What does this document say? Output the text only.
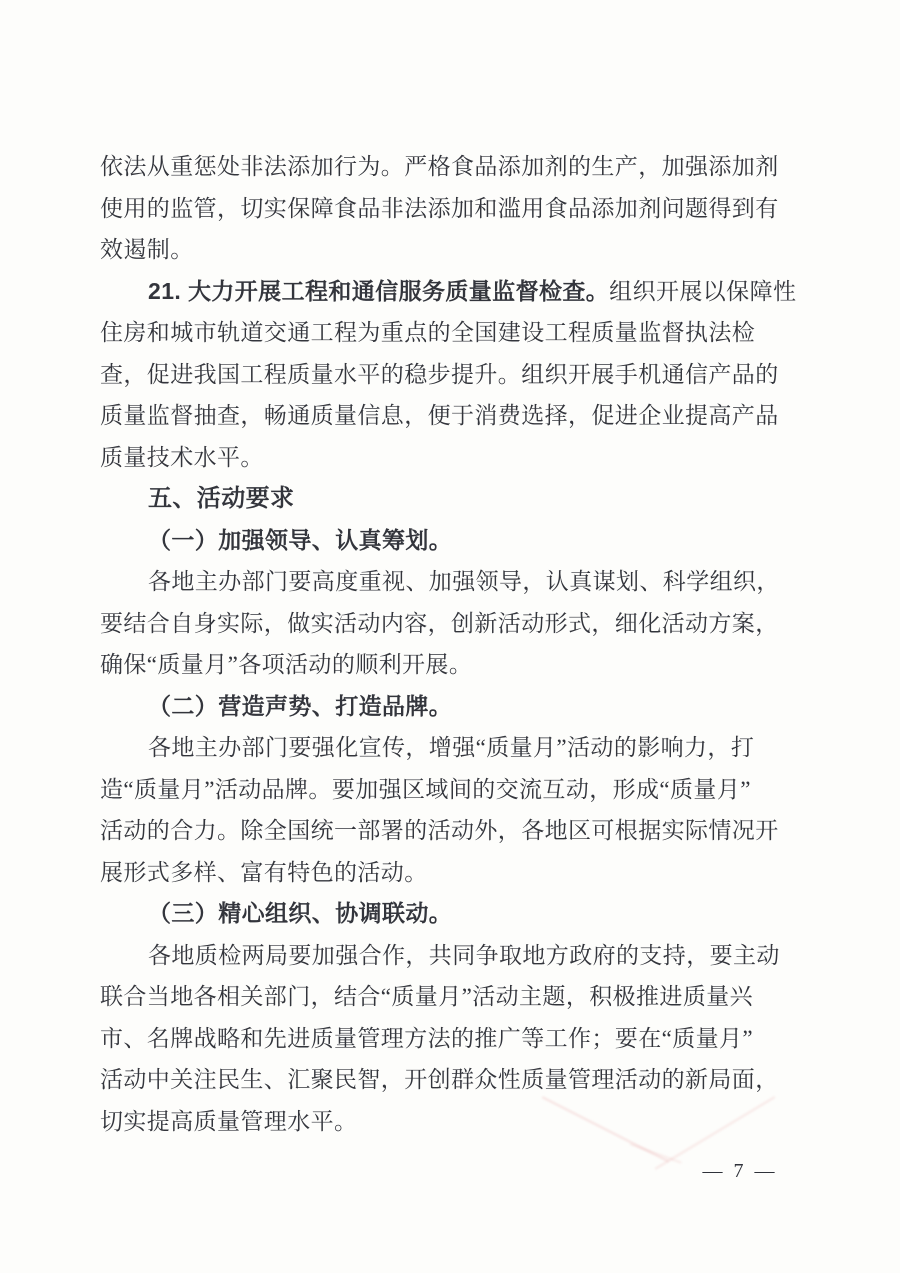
依法从重惩处非法添加行为。严格食品添加剂的生产，加强添加剂
使用的监管，切实保障食品非法添加和滥用食品添加剂问题得到有
效遏制。
21. 大力开展工程和通信服务质量监督检查。组织开展以保障性
住房和城市轨道交通工程为重点的全国建设工程质量监督执法检
查，促进我国工程质量水平的稳步提升。组织开展手机通信产品的
质量监督抽查，畅通质量信息，便于消费选择，促进企业提高产品
质量技术水平。
五、活动要求
（一）加强领导、认真筹划。
各地主办部门要高度重视、加强领导，认真谋划、科学组织，
要结合自身实际，做实活动内容，创新活动形式，细化活动方案，
确保“质量月”各项活动的顺利开展。
（二）营造声势、打造品牌。
各地主办部门要强化宣传，增强“质量月”活动的影响力，打
造“质量月”活动品牌。要加强区域间的交流互动，形成“质量月”
活动的合力。除全国统一部署的活动外，各地区可根据实际情况开
展形式多样、富有特色的活动。
（三）精心组织、协调联动。
各地质检两局要加强合作，共同争取地方政府的支持，要主动
联合当地各相关部门，结合“质量月”活动主题，积极推进质量兴
市、名牌战略和先进质量管理方法的推广等工作；要在“质量月”
活动中关注民生、汇聚民智，开创群众性质量管理活动的新局面，
切实提高质量管理水平。
— 7 —
